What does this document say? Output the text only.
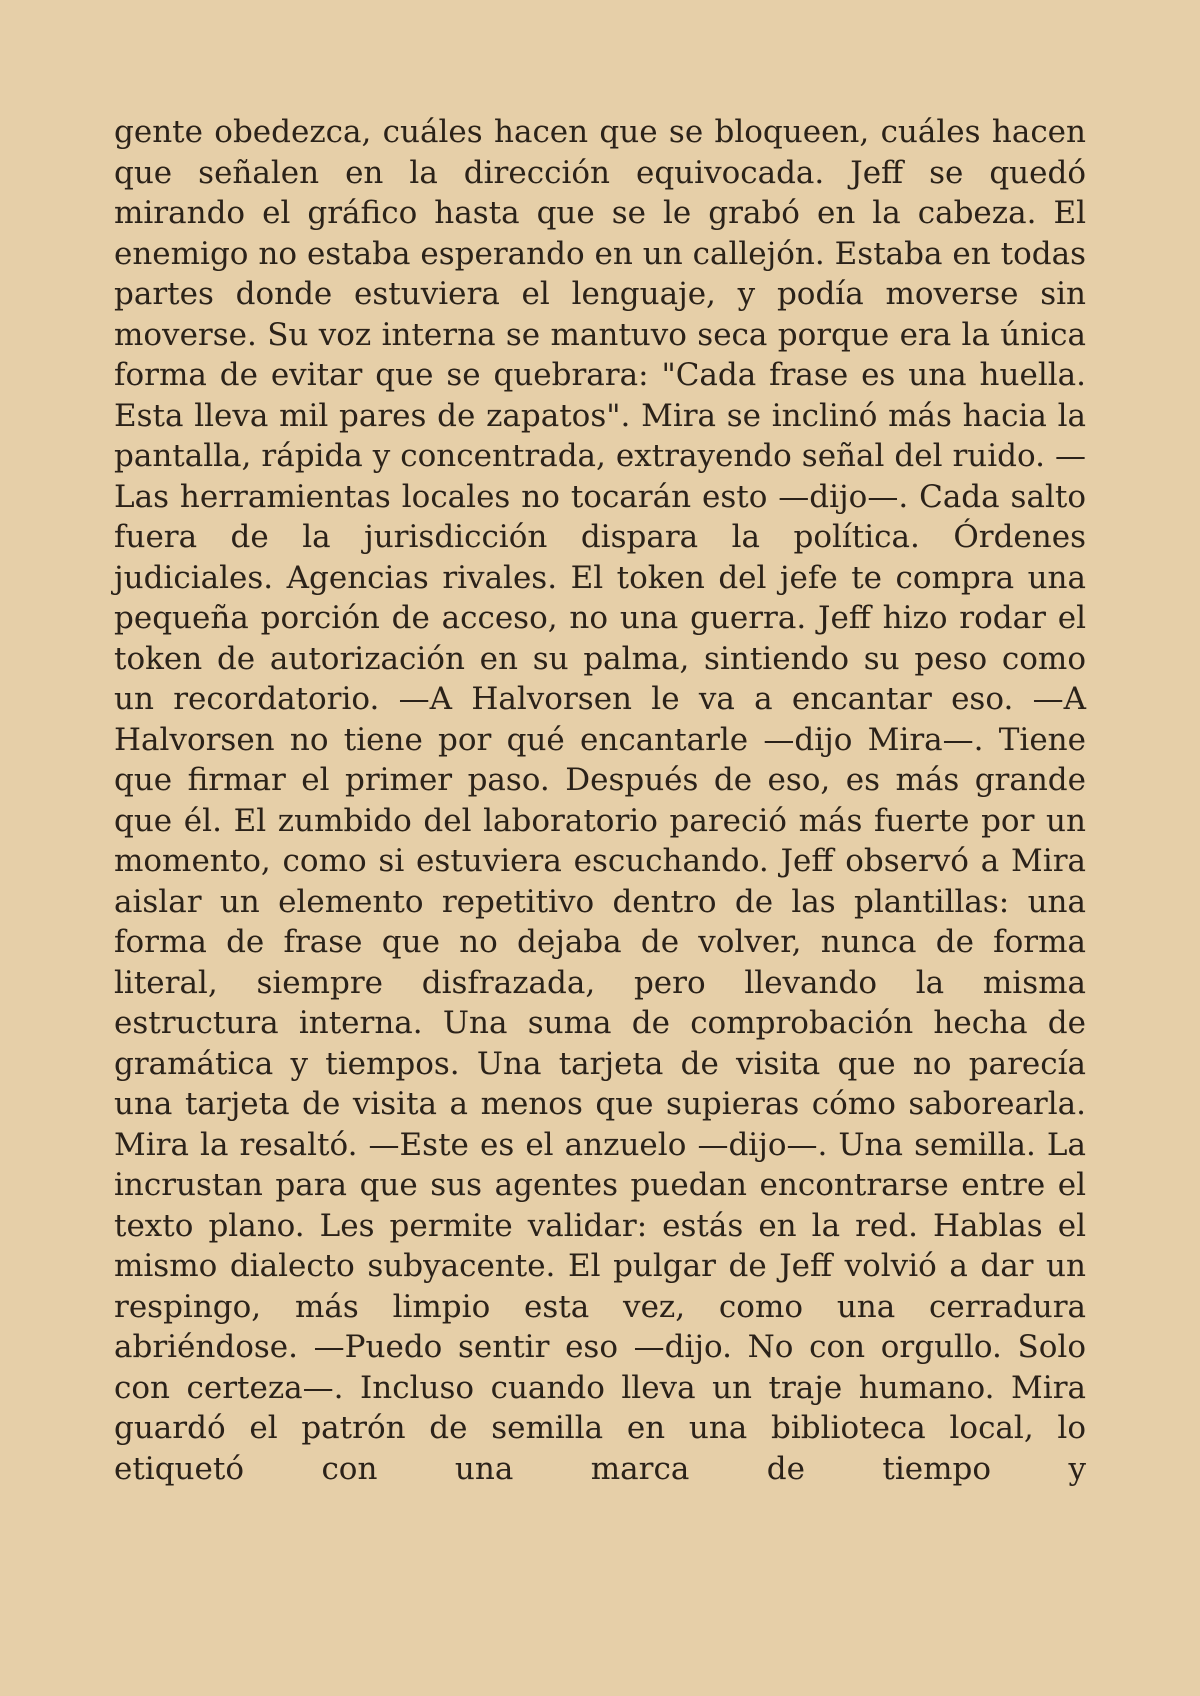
gente obedezca, cuáles hacen que se bloqueen, cuáles hacen que señalen en la dirección equivocada. Jeff se quedó mirando el gráfico hasta que se le grabó en la cabeza. El enemigo no estaba esperando en un callejón. Estaba en todas partes donde estuviera el lenguaje, y podía moverse sin moverse. Su voz interna se mantuvo seca porque era la única forma de evitar que se quebrara: "Cada frase es una huella. Esta lleva mil pares de zapatos". Mira se inclinó más hacia la pantalla, rápida y concentrada, extrayendo señal del ruido. —Las herramientas locales no tocarán esto —dijo—. Cada salto fuera de la jurisdicción dispara la política. Órdenes judiciales. Agencias rivales. El token del jefe te compra una pequeña porción de acceso, no una guerra. Jeff hizo rodar el token de autorización en su palma, sintiendo su peso como un recordatorio. —A Halvorsen le va a encantar eso. —A Halvorsen no tiene por qué encantarle —dijo Mira—. Tiene que firmar el primer paso. Después de eso, es más grande que él. El zumbido del laboratorio pareció más fuerte por un momento, como si estuviera escuchando. Jeff observó a Mira aislar un elemento repetitivo dentro de las plantillas: una forma de frase que no dejaba de volver, nunca de forma literal, siempre disfrazada, pero llevando la misma estructura interna. Una suma de comprobación hecha de gramática y tiempos. Una tarjeta de visita que no parecía una tarjeta de visita a menos que supieras cómo saborearla. Mira la resaltó. —Este es el anzuelo —dijo—. Una semilla. La incrustan para que sus agentes puedan encontrarse entre el texto plano. Les permite validar: estás en la red. Hablas el mismo dialecto subyacente. El pulgar de Jeff volvió a dar un respingo, más limpio esta vez, como una cerradura abriéndose. —Puedo sentir eso —dijo. No con orgullo. Solo con certeza—. Incluso cuando lleva un traje humano. Mira guardó el patrón de semilla en una biblioteca local, lo etiquetó con una marca de tiempo y
